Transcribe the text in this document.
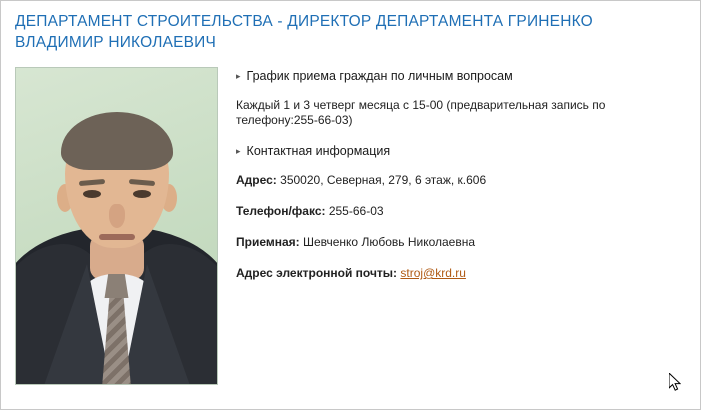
ДЕПАРТАМЕНТ СТРОИТЕЛЬСТВА - ДИРЕКТОР ДЕПАРТАМЕНТА ГРИНЕНКО ВЛАДИМИР НИКОЛАЕВИЧ
▸ График приема граждан по личным вопросам

Каждый 1 и 3 четверг месяца с 15-00 (предварительная запись по телефону:255-66-03)

▸ Контактная информация

Адрес: 350020, Северная, 279, 6 этаж, к.606

Телефон/факс: 255-66-03

Приемная: Шевченко Любовь Николаевна

Адрес электронной почты: stroj@krd.ru
